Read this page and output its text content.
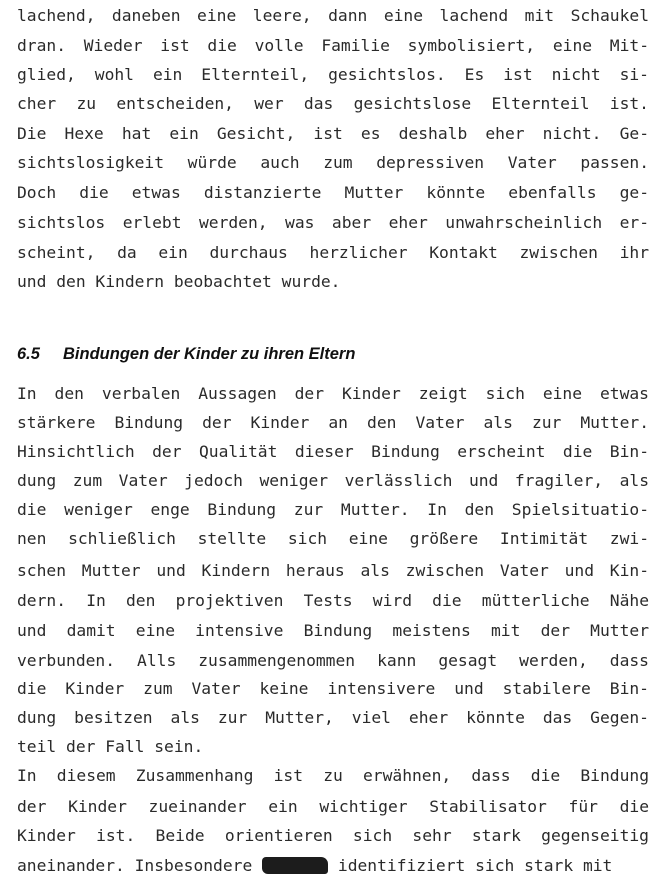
lachend, daneben eine leere, dann eine lachend mit Schaukel
dran. Wieder ist die volle Familie symbolisiert, eine Mit-
glied, wohl ein Elternteil, gesichtslos. Es ist nicht si-
cher zu entscheiden, wer das gesichtslose Elternteil ist.
Die Hexe hat ein Gesicht, ist es deshalb eher nicht. Ge-
sichtslosigkeit würde auch zum depressiven Vater passen.
Doch die etwas distanzierte Mutter könnte ebenfalls ge-
sichtslos erlebt werden, was aber eher unwahrscheinlich er-
scheint, da ein durchaus herzlicher Kontakt zwischen ihr
und den Kindern beobachtet wurde.
6.5 Bindungen der Kinder zu ihren Eltern
In den verbalen Aussagen der Kinder zeigt sich eine etwas
stärkere Bindung der Kinder an den Vater als zur Mutter.
Hinsichtlich der Qualität dieser Bindung erscheint die Bin-
dung zum Vater jedoch weniger verlässlich und fragiler, als
die weniger enge Bindung zur Mutter. In den Spielsituatio-
nen schließlich stellte sich eine größere Intimität zwi-
schen Mutter und Kindern heraus als zwischen Vater und Kin-
dern. In den projektiven Tests wird die mütterliche Nähe
und damit eine intensive Bindung meistens mit der Mutter
verbunden. Alls zusammengenommen kann gesagt werden, dass
die Kinder zum Vater keine intensivere und stabilere Bin-
dung besitzen als zur Mutter, viel eher könnte das Gegen-
teil der Fall sein.
In diesem Zusammenhang ist zu erwähnen, dass die Bindung
der Kinder zueinander ein wichtiger Stabilisator für die
Kinder ist. Beide orientieren sich sehr stark gegenseitig
aneinander. Insbesondere	identifiziert sich stark mit
